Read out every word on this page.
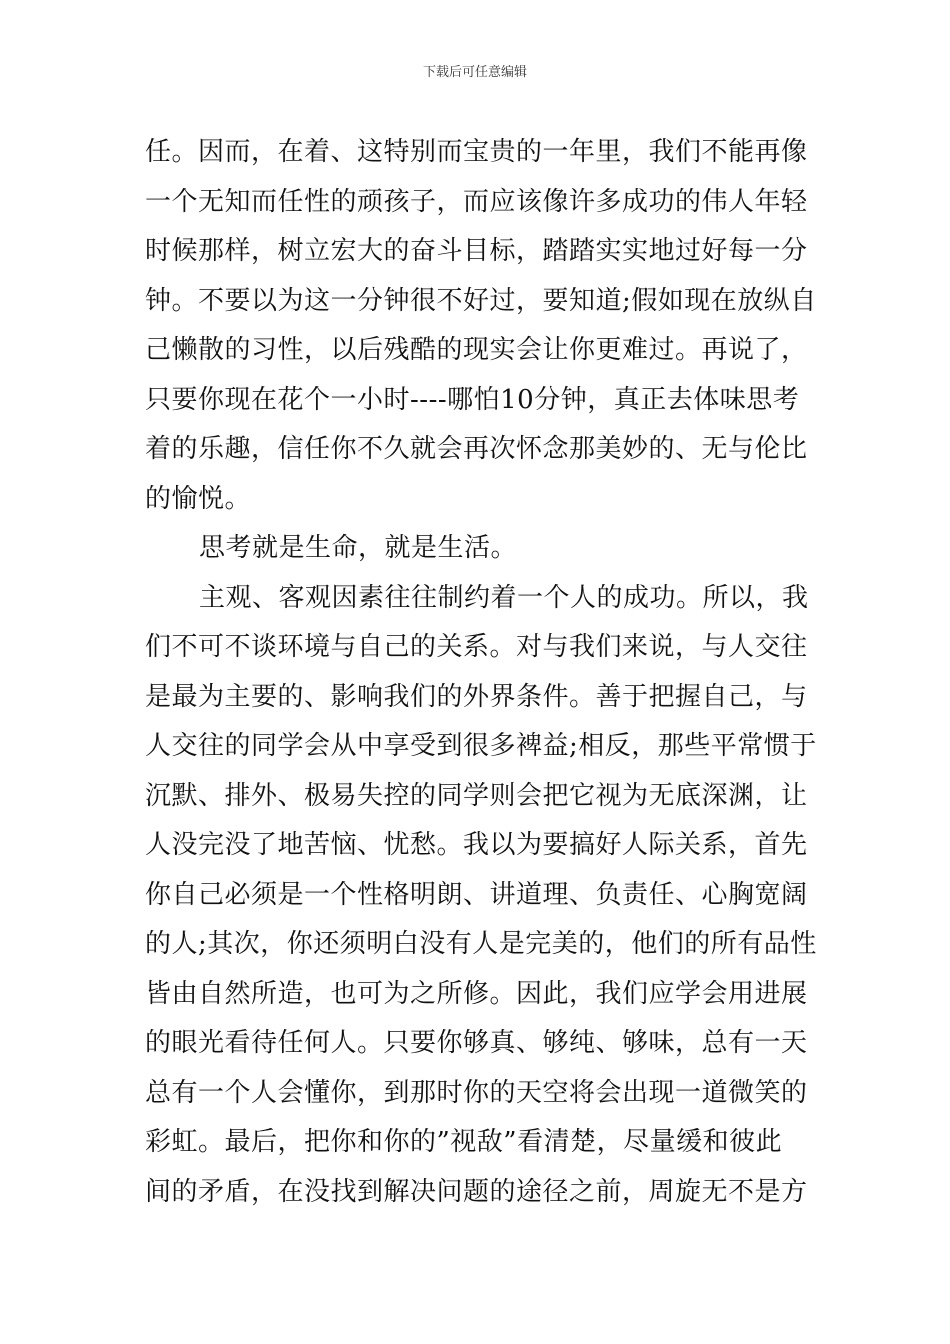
下载后可任意编辑
任。因而，在着、这特别而宝贵的一年里，我们不能再像
一个无知而任性的顽孩子，而应该像许多成功的伟人年轻
时候那样，树立宏大的奋斗目标，踏踏实实地过好每一分
钟。不要以为这一分钟很不好过，要知道;假如现在放纵自
己懒散的习性，以后残酷的现实会让你更难过。再说了，
只要你现在花个一小时----哪怕10分钟，真正去体味思考
着的乐趣，信任你不久就会再次怀念那美妙的、无与伦比
的愉悦。
思考就是生命，就是生活。
主观、客观因素往往制约着一个人的成功。所以，我
们不可不谈环境与自己的关系。对与我们来说，与人交往
是最为主要的、影响我们的外界条件。善于把握自己，与
人交往的同学会从中享受到很多裨益;相反，那些平常惯于
沉默、排外、极易失控的同学则会把它视为无底深渊，让
人没完没了地苦恼、忧愁。我以为要搞好人际关系，首先
你自己必须是一个性格明朗、讲道理、负责任、心胸宽阔
的人;其次，你还须明白没有人是完美的，他们的所有品性
皆由自然所造，也可为之所修。因此，我们应学会用进展
的眼光看待任何人。只要你够真、够纯、够味，总有一天
总有一个人会懂你，到那时你的天空将会出现一道微笑的
彩虹。最后，把你和你的”视敌”看清楚，尽量缓和彼此
间的矛盾，在没找到解决问题的途径之前，周旋无不是方
